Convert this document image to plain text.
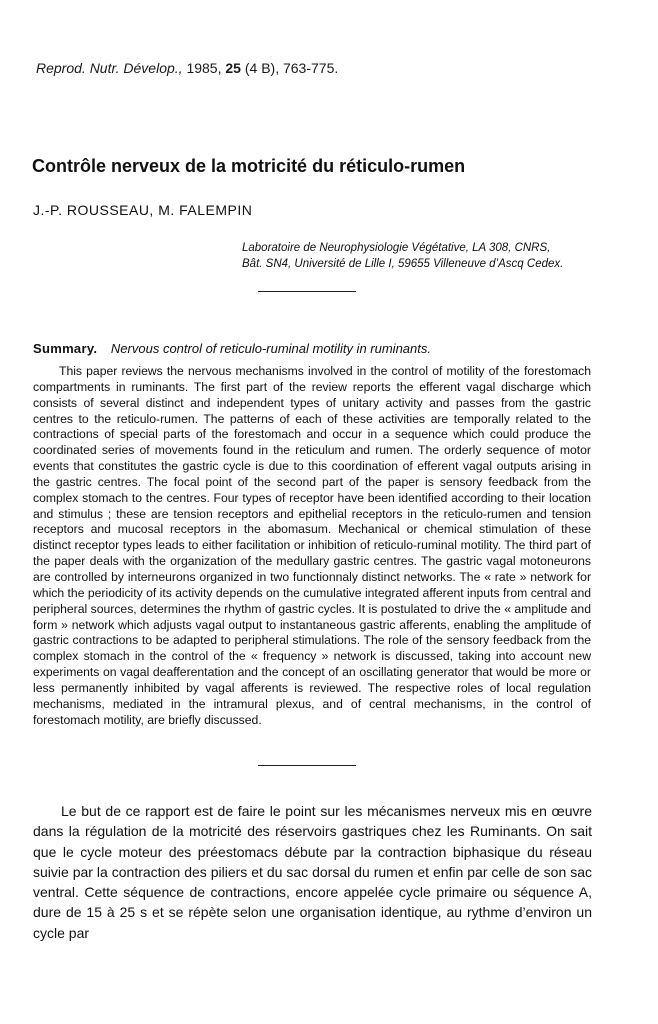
Reprod. Nutr. Dévelop., 1985, 25 (4 B), 763-775.
Contrôle nerveux de la motricité du réticulo-rumen
J.-P. ROUSSEAU, M. FALEMPIN
Laboratoire de Neurophysiologie Végétative, LA 308, CNRS,
Bât. SN4, Université de Lille I, 59655 Villeneuve d’Ascq Cedex.
Summary. Nervous control of reticulo-ruminal motility in ruminants.

This paper reviews the nervous mechanisms involved in the control of motility of the forestomach compartments in ruminants. The first part of the review reports the efferent vagal discharge which consists of several distinct and independent types of unitary activity and passes from the gastric centres to the reticulo-rumen. The patterns of each of these activities are temporally related to the contractions of special parts of the forestomach and occur in a sequence which could produce the coordinated series of movements found in the reticulum and rumen. The orderly sequence of motor events that constitutes the gastric cycle is due to this coordination of efferent vagal outputs arising in the gastric centres. The focal point of the second part of the paper is sensory feedback from the complex stomach to the centres. Four types of receptor have been identified according to their location and stimulus ; these are tension receptors and epithelial receptors in the reticulo-rumen and tension receptors and mucosal receptors in the abomasum. Mechanical or chemical stimulation of these distinct receptor types leads to either facilitation or inhibition of reticulo-ruminal motility. The third part of the paper deals with the organization of the medullary gastric centres. The gastric vagal motoneurons are controlled by interneurons organized in two functionnaly distinct networks. The « rate » network for which the periodicity of its activity depends on the cumulative integrated afferent inputs from central and peripheral sources, determines the rhythm of gastric cycles. It is postulated to drive the « amplitude and form » network which adjusts vagal output to instantaneous gastric afferents, enabling the amplitude of gastric contractions to be adapted to peripheral stimulations. The role of the sensory feedback from the complex stomach in the control of the « frequency » network is discussed, taking into account new experiments on vagal deafferentation and the concept of an oscillating generator that would be more or less permanently inhibited by vagal afferents is reviewed. The respective roles of local regulation mechanisms, mediated in the intramural plexus, and of central mechanisms, in the control of forestomach motility, are briefly discussed.

Le but de ce rapport est de faire le point sur les mécanismes nerveux mis en œuvre dans la régulation de la motricité des réservoirs gastriques chez les Ruminants. On sait que le cycle moteur des préestomacs débute par la contraction biphasique du réseau suivie par la contraction des piliers et du sac dorsal du rumen et enfin par celle de son sac ventral. Cette séquence de contractions, encore appelée cycle primaire ou séquence A, dure de 15 à 25 s et se répète selon une organisation identique, au rythme d’environ un cycle par
